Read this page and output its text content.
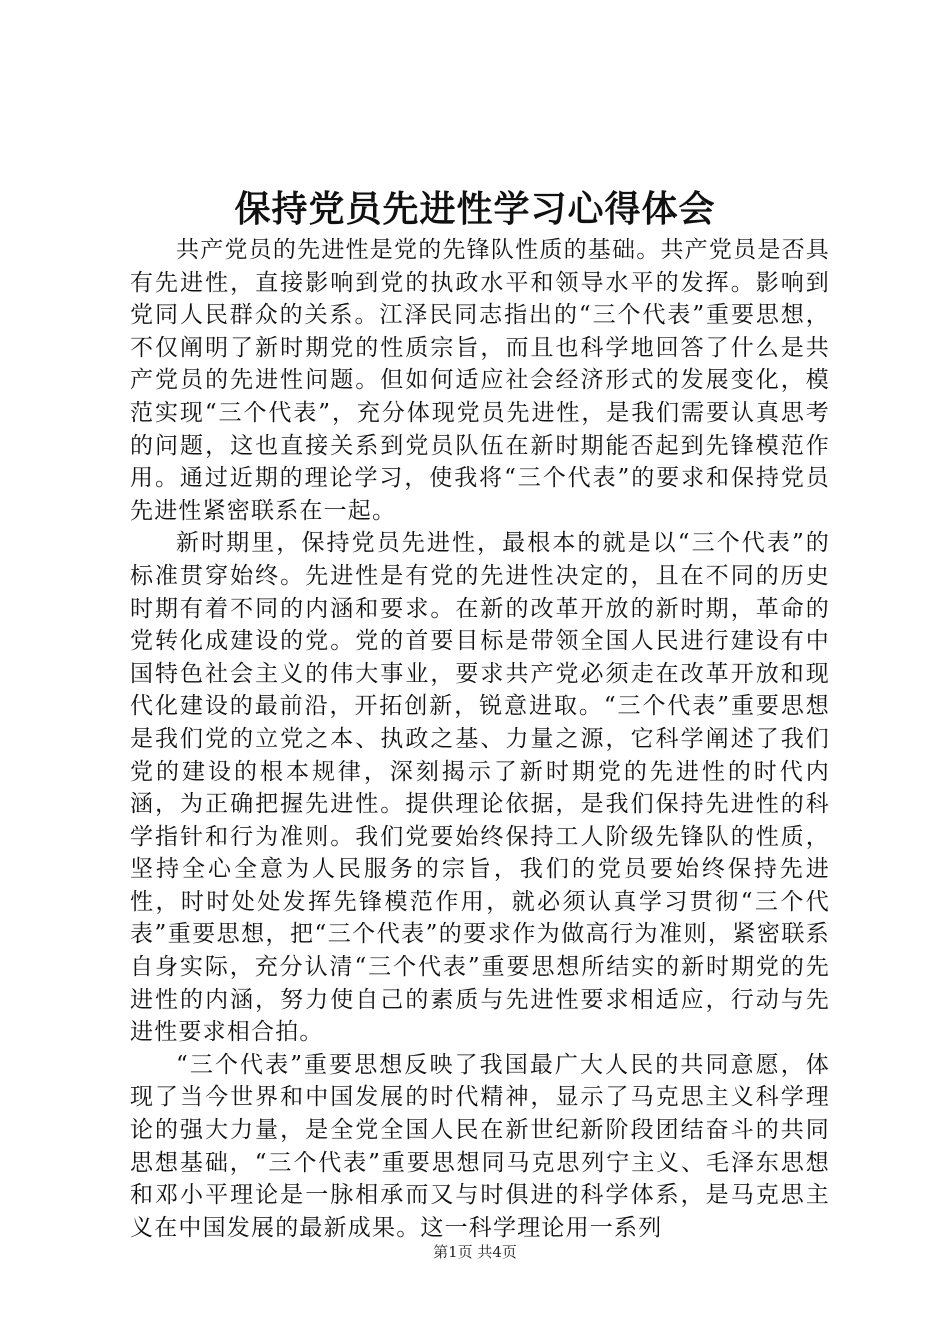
保持党员先进性学习心得体会

共产党员的先进性是党的先锋队性质的基础。共产党员是否具有先进性，直接影响到党的执政水平和领导水平的发挥。影响到党同人民群众的关系。江泽民同志指出的“三个代表”重要思想，不仅阐明了新时期党的性质宗旨，而且也科学地回答了什么是共产党员的先进性问题。但如何适应社会经济形式的发展变化，模范实现“三个代表”，充分体现党员先进性，是我们需要认真思考的问题，这也直接关系到党员队伍在新时期能否起到先锋模范作用。通过近期的理论学习，使我将“三个代表”的要求和保持党员先进性紧密联系在一起。

新时期里，保持党员先进性，最根本的就是以“三个代表”的标准贯穿始终。先进性是有党的先进性决定的，且在不同的历史时期有着不同的内涵和要求。在新的改革开放的新时期，革命的党转化成建设的党。党的首要目标是带领全国人民进行建设有中国特色社会主义的伟大事业，要求共产党必须走在改革开放和现代化建设的最前沿，开拓创新，锐意进取。“三个代表”重要思想是我们党的立党之本、执政之基、力量之源，它科学阐述了我们党的建设的根本规律，深刻揭示了新时期党的先进性的时代内涵，为正确把握先进性。提供理论依据，是我们保持先进性的科学指针和行为准则。我们党要始终保持工人阶级先锋队的性质，坚持全心全意为人民服务的宗旨，我们的党员要始终保持先进性，时时处处发挥先锋模范作用，就必须认真学习贯彻“三个代表”重要思想，把“三个代表”的要求作为做高行为准则，紧密联系自身实际，充分认清“三个代表”重要思想所结实的新时期党的先进性的内涵，努力使自己的素质与先进性要求相适应，行动与先进性要求相合拍。

“三个代表”重要思想反映了我国最广大人民的共同意愿，体现了当今世界和中国发展的时代精神，显示了马克思主义科学理论的强大力量，是全党全国人民在新世纪新阶段团结奋斗的共同思想基础，“三个代表”重要思想同马克思列宁主义、毛泽东思想和邓小平理论是一脉相承而又与时俱进的科学体系，是马克思主义在中国发展的最新成果。这一科学理论用一系列

第1页 共4页
